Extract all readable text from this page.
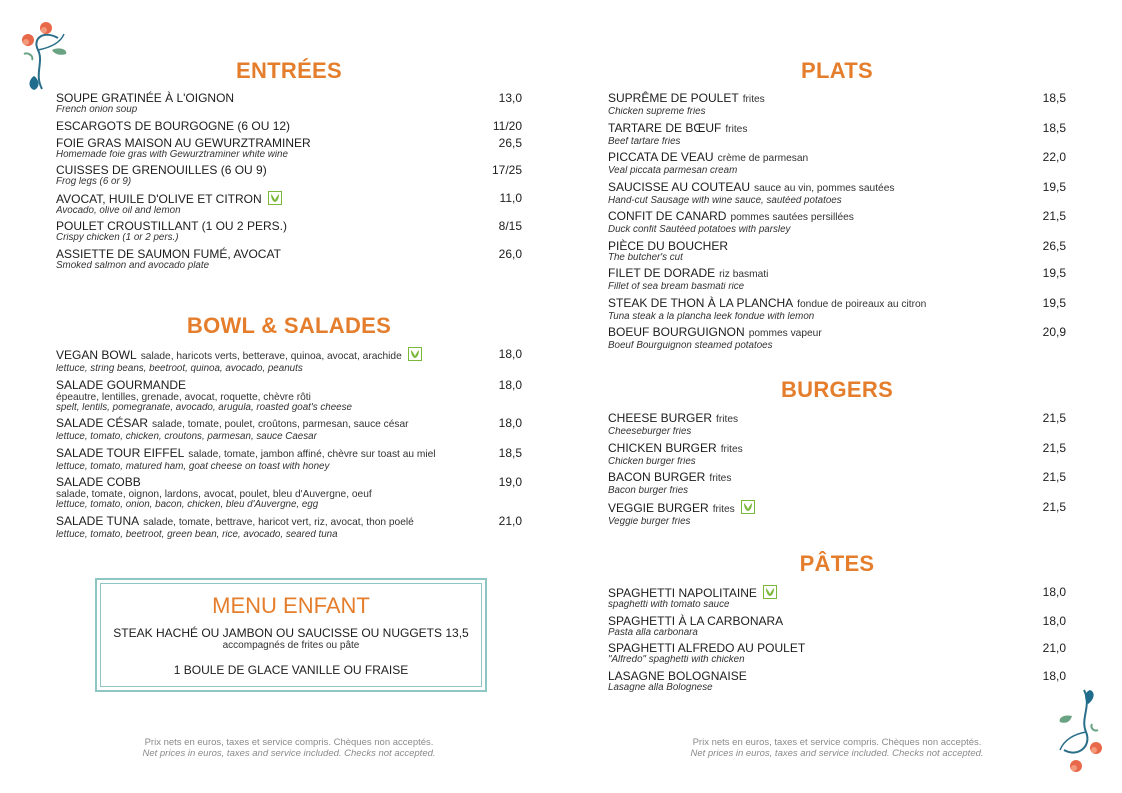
ENTRÉES
SOUPE GRATINÉE À L'OIGNON	13,0
French onion soup
ESCARGOTS DE BOURGOGNE (6 OU 12)	11/20
FOIE GRAS MAISON AU GEWURZTRAMINER	26,5
Homemade foie gras with Gewurztraminer white wine
CUISSES DE GRENOUILLES (6 OU 9)	17/25
Frog legs (6 or 9)
AVOCAT, HUILE D'OLIVE ET CITRON	11,0
Avocado, olive oil and lemon
POULET CROUSTILLANT (1 OU 2 PERS.)	8/15
Crispy chicken (1 or 2 pers.)
ASSIETTE DE SAUMON FUMÉ, AVOCAT	26,0
Smoked salmon and avocado plate
BOWL & SALADES
VEGAN BOWL salade, haricots verts, betterave, quinoa, avocat, arachide	18,0
lettuce, string beans, beetroot, quinoa, avocado, peanuts
SALADE GOURMANDE	18,0
épeautre, lentilles, grenade, avocat, roquette, chèvre rôti
spelt, lentils, pomegranate, avocado, arugula, roasted goat's cheese
SALADE CÉSAR salade, tomate, poulet, croûtons, parmesan, sauce césar	18,0
lettuce, tomato, chicken, croutons, parmesan, sauce Caesar
SALADE TOUR EIFFEL salade, tomate, jambon affiné, chèvre sur toast au miel	18,5
lettuce, tomato, matured ham, goat cheese on toast with honey
SALADE COBB	19,0
salade, tomate, oignon, lardons, avocat, poulet, bleu d'Auvergne, oeuf
lettuce, tomato, onion, bacon, chicken, bleu d'Auvergne, egg
SALADE TUNA salade, tomate, bettrave, haricot vert, riz, avocat, thon poelé	21,0
lettuce, tomato, beetroot, green bean, rice, avocado, seared tuna
MENU ENFANT
STEAK HACHÉ OU JAMBON OU SAUCISSE OU NUGGETS 13,5
accompagnés de frites ou pâte
1 BOULE DE GLACE VANILLE OU FRAISE
Prix nets en euros, taxes et service compris. Chèques non acceptés.
Net prices in euros, taxes and service included. Checks not accepted.
PLATS
SUPRÊME DE POULET frites	18,5
Chicken supreme fries
TARTARE DE BŒUF frites	18,5
Beef tartare fries
PICCATA DE VEAU crème de parmesan	22,0
Veal piccata parmesan cream
SAUCISSE AU COUTEAU sauce au vin, pommes sautées	19,5
Hand-cut Sausage with wine sauce, sautéed potatoes
CONFIT DE CANARD pommes sautées persillées	21,5
Duck confit Sautéed potatoes with parsley
PIÈCE DU BOUCHER	26,5
The butcher's cut
FILET DE DORADE riz basmati	19,5
Fillet of sea bream basmati rice
STEAK DE THON À LA PLANCHA fondue de poireaux au citron	19,5
Tuna steak a la plancha leek fondue with lemon
BOEUF BOURGUIGNON pommes vapeur	20,9
Boeuf Bourguignon steamed potatoes
BURGERS
CHEESE BURGER frites	21,5
Cheeseburger fries
CHICKEN BURGER frites	21,5
Chicken burger fries
BACON BURGER frites	21,5
Bacon burger fries
VEGGIE BURGER frites	21,5
Veggie burger fries
PÂTES
SPAGHETTI NAPOLITAINE	18,0
spaghetti with tomato sauce
SPAGHETTI À LA CARBONARA	18,0
Pasta alla carbonara
SPAGHETTI ALFREDO AU POULET	21,0
"Alfredo" spaghetti with chicken
LASAGNE BOLOGNAISE	18,0
Lasagne alla Bolognese
Prix nets en euros, taxes et service compris. Chèques non acceptés.
Net prices in euros, taxes and service included. Checks not accepted.
